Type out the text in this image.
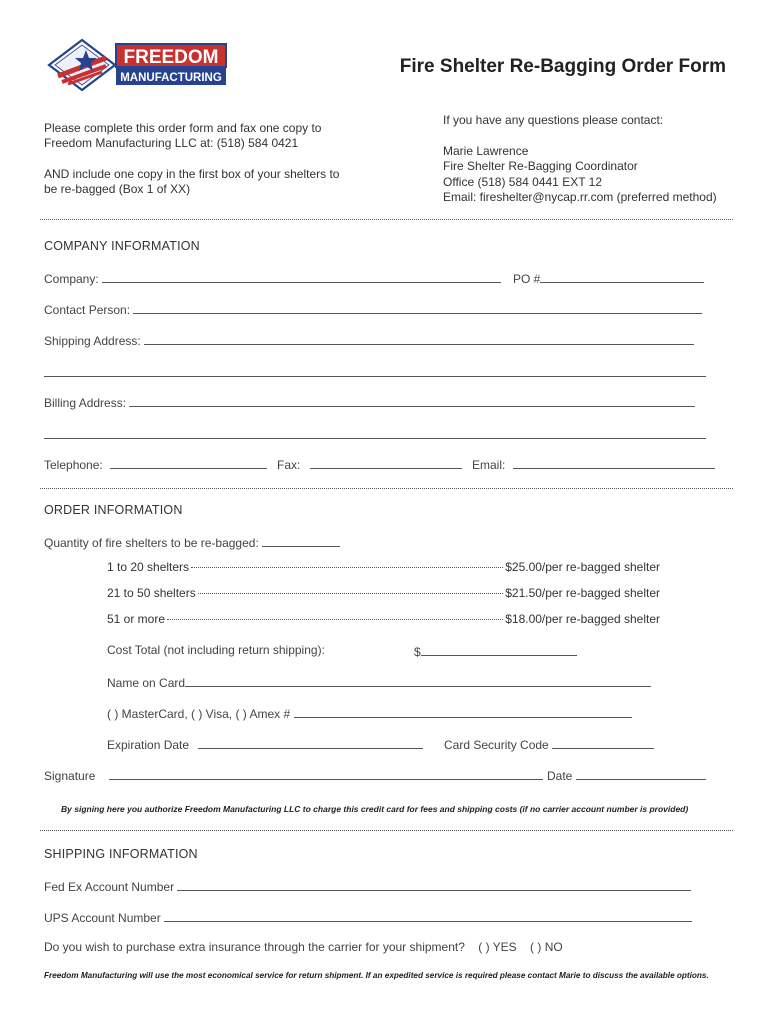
FREEDOM
MANUFACTURING
Fire Shelter Re-Bagging Order Form
Please complete this order form and fax one copy to
Freedom Manufacturing LLC at: (518) 584 0421
AND include one copy in the first box of your shelters to
be re-bagged (Box 1 of XX)
If you have any questions please contact:
Marie Lawrence
Fire Shelter Re-Bagging Coordinator
Office (518) 584 0441 EXT 12
Email: fireshelter@nycap.rr.com (preferred method)
COMPANY INFORMATION
Company:	PO #
Contact Person:
Shipping Address:
Billing Address:
Telephone:	Fax:	Email:
ORDER INFORMATION
Quantity of fire shelters to be re-bagged:
1 to 20 shelters	$25.00/per re-bagged shelter
21 to 50 shelters	$21.50/per re-bagged shelter
51 or more	$18.00/per re-bagged shelter
Cost Total (not including return shipping):	$
Name on Card
( ) MasterCard, ( ) Visa, ( ) Amex #
Expiration Date	Card Security Code
Signature	Date
By signing here you authorize Freedom Manufacturing LLC to charge this credit card for fees and shipping costs (if no carrier account number is provided)
SHIPPING INFORMATION
Fed Ex Account Number
UPS Account Number
Do you wish to purchase extra insurance through the carrier for your shipment? ( ) YES ( ) NO
Freedom Manufacturing will use the most economical service for return shipment. If an expedited service is required please contact Marie to discuss the available options.
